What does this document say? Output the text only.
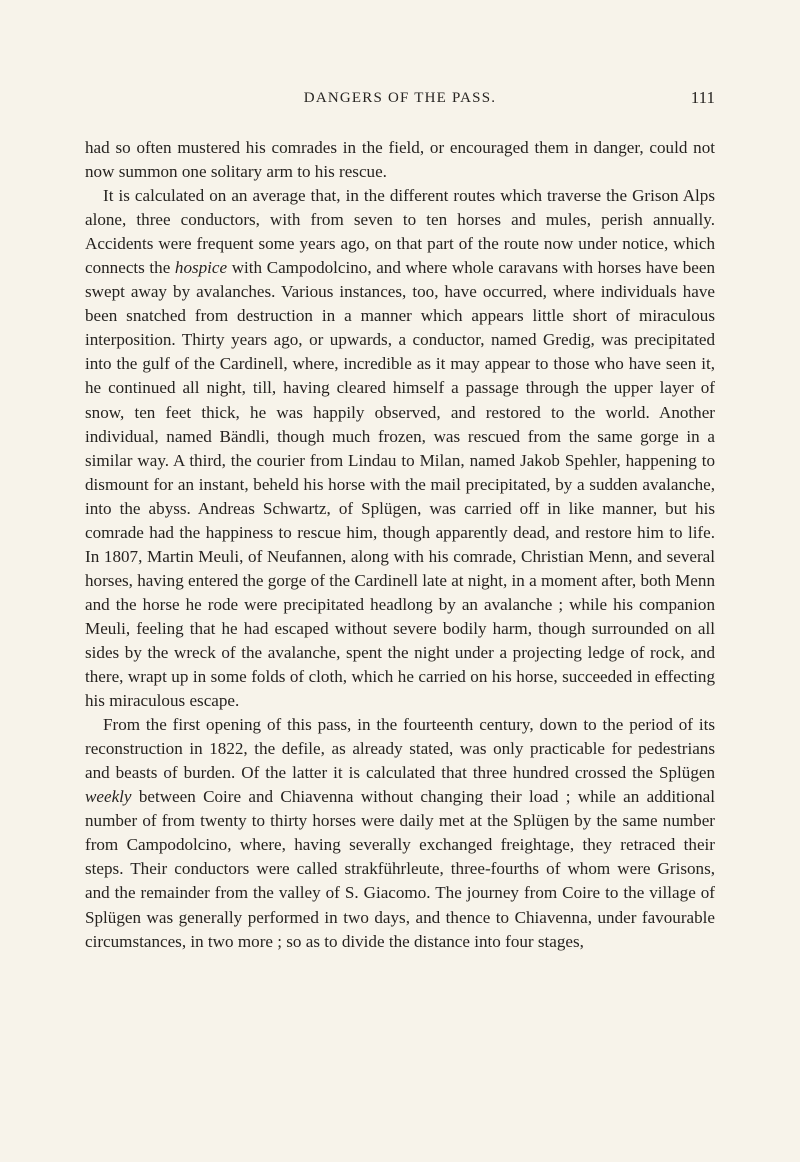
DANGERS OF THE PASS.	111

had so often mustered his comrades in the field, or encouraged them in danger, could not now summon one solitary arm to his rescue.

It is calculated on an average that, in the different routes which traverse the Grison Alps alone, three conductors, with from seven to ten horses and mules, perish annually. Accidents were frequent some years ago, on that part of the route now under notice, which connects the hospice with Campodolcino, and where whole caravans with horses have been swept away by avalanches. Various instances, too, have occurred, where individuals have been snatched from destruction in a manner which appears little short of miraculous interposition. Thirty years ago, or upwards, a conductor, named Gredig, was precipitated into the gulf of the Cardinell, where, incredible as it may appear to those who have seen it, he continued all night, till, having cleared himself a passage through the upper layer of snow, ten feet thick, he was happily observed, and restored to the world. Another individual, named Bändli, though much frozen, was rescued from the same gorge in a similar way. A third, the courier from Lindau to Milan, named Jakob Spehler, happening to dismount for an instant, beheld his horse with the mail precipitated, by a sudden avalanche, into the abyss. Andreas Schwartz, of Splügen, was carried off in like manner, but his comrade had the happiness to rescue him, though apparently dead, and restore him to life. In 1807, Martin Meuli, of Neufannen, along with his comrade, Christian Menn, and several horses, having entered the gorge of the Cardinell late at night, in a moment after, both Menn and the horse he rode were precipitated headlong by an avalanche ; while his companion Meuli, feeling that he had escaped without severe bodily harm, though surrounded on all sides by the wreck of the avalanche, spent the night under a projecting ledge of rock, and there, wrapt up in some folds of cloth, which he carried on his horse, succeeded in effecting his miraculous escape.

From the first opening of this pass, in the fourteenth century, down to the period of its reconstruction in 1822, the defile, as already stated, was only practicable for pedestrians and beasts of burden. Of the latter it is calculated that three hundred crossed the Splügen weekly between Coire and Chiavenna without changing their load ; while an additional number of from twenty to thirty horses were daily met at the Splügen by the same number from Campodolcino, where, having severally exchanged freightage, they retraced their steps. Their conductors were called strakführleute, three-fourths of whom were Grisons, and the remainder from the valley of S. Giacomo. The journey from Coire to the village of Splügen was generally performed in two days, and thence to Chiavenna, under favourable circumstances, in two more ; so as to divide the distance into four stages,
